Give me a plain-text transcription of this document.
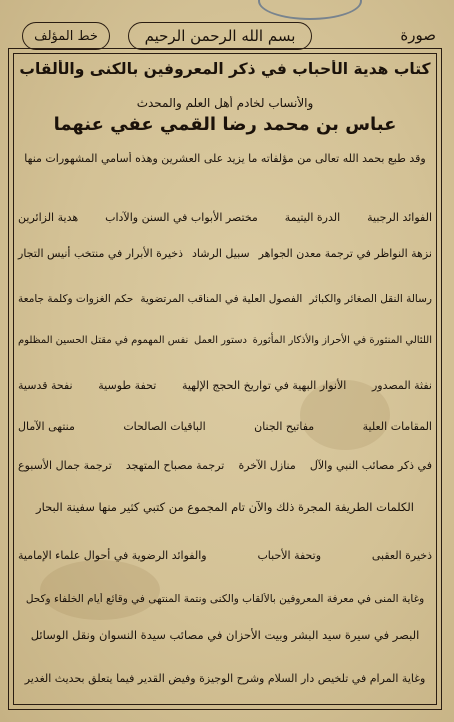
صورة
بسم الله الرحمن الرحيم
خط المؤلف
كتاب هدية الأحباب في ذكر المعروفين بالكنى والألقاب
والأنساب لخادم أهل العلم والمحدث
عباس بن محمد رضا القمي عفي عنهما
وقد طبع بحمد الله تعالى من مؤلفاته ما يزيد على العشرين وهذه أسامي المشهورات منها
الفوائد الرجبية
الدرة اليتيمة
مختصر الأبواب في السنن والآداب
هدية الزائرين
نزهة النواظر في ترجمة معدن الجواهر
سبيل الرشاد
ذخيرة الأبرار في منتخب أنيس التجار
رسالة النقل الصغائر والكبائر
الفصول العلية في المناقب المرتضوية
حكم الغزوات وكلمة جامعة
اللئالي المنثورة في الأحراز والأذكار المأثورة
دستور العمل
نفس المهموم في مقتل الحسين المظلوم
نفثة المصدور
الأنوار البهية في تواريخ الحجج الإلهية
تحفة طوسية
نفحة قدسية
المقامات العلية
مفاتيح الجنان
الباقيات الصالحات
منتهى الآمال
في ذكر مصائب النبي والآل
منازل الآخرة
ترجمة مصباح المتهجد
ترجمة جمال الأسبوع
الكلمات الطريفة المجرة ذلك والآن تام المجموع من كتبي كثير منها سفينة البحار
ذخيرة العقبى
وتحفة الأحباب
والفوائد الرضوية في أحوال علماء الإمامية
وغاية المنى في معرفة المعروفين بالألقاب والكنى ونتمة المنتهى في وقائع أيام الخلفاء وكحل
البصر في سيرة سيد البشر وبيت الأحزان في مصائب سيدة النسوان ونقل الوسائل
وغاية المرام في تلخيص دار السلام وشرح الوجيزة وفيض القدير فيما يتعلق بحديث الغدير
